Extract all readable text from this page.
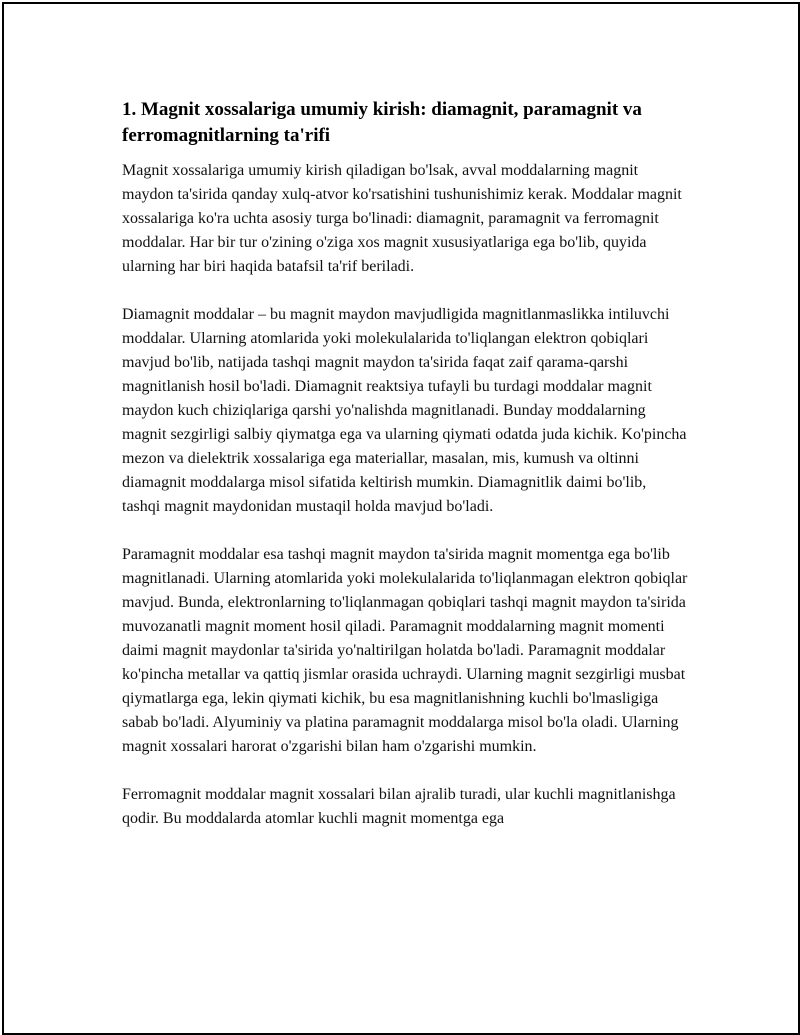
1. Magnit xossalariga umumiy kirish: diamagnit, paramagnit va ferromagnitlarning ta'rifi

Magnit xossalariga umumiy kirish qiladigan bo'lsak, avval moddalarning magnit maydon ta'sirida qanday xulq-atvor ko'rsatishini tushunishimiz kerak. Moddalar magnit xossalariga ko'ra uchta asosiy turga bo'linadi: diamagnit, paramagnit va ferromagnit moddalar. Har bir tur o'zining o'ziga xos magnit xususiyatlariga ega bo'lib, quyida ularning har biri haqida batafsil ta'rif beriladi.

Diamagnit moddalar – bu magnit maydon mavjudligida magnitlanmaslikka intiluvchi moddalar. Ularning atomlarida yoki molekulalarida to'liqlangan elektron qobiqlari mavjud bo'lib, natijada tashqi magnit maydon ta'sirida faqat zaif qarama-qarshi magnitlanish hosil bo'ladi. Diamagnit reaktsiya tufayli bu turdagi moddalar magnit maydon kuch chiziqlariga qarshi yo'nalishda magnitlanadi. Bunday moddalarning magnit sezgirligi salbiy qiymatga ega va ularning qiymati odatda juda kichik. Ko'pincha mezon va dielektrik xossalariga ega materiallar, masalan, mis, kumush va oltinni diamagnit moddalarga misol sifatida keltirish mumkin. Diamagnitlik daimi bo'lib, tashqi magnit maydonidan mustaqil holda mavjud bo'ladi.

Paramagnit moddalar esa tashqi magnit maydon ta'sirida magnit momentga ega bo'lib magnitlanadi. Ularning atomlarida yoki molekulalarida to'liqlanmagan elektron qobiqlar mavjud. Bunda, elektronlarning to'liqlanmagan qobiqlari tashqi magnit maydon ta'sirida muvozanatli magnit moment hosil qiladi. Paramagnit moddalarning magnit momenti daimi magnit maydonlar ta'sirida yo'naltirilgan holatda bo'ladi. Paramagnit moddalar ko'pincha metallar va qattiq jismlar orasida uchraydi. Ularning magnit sezgirligi musbat qiymatlarga ega, lekin qiymati kichik, bu esa magnitlanishning kuchli bo'lmasligiga sabab bo'ladi. Alyuminiy va platina paramagnit moddalarga misol bo'la oladi. Ularning magnit xossalari harorat o'zgarishi bilan ham o'zgarishi mumkin.

Ferromagnit moddalar magnit xossalari bilan ajralib turadi, ular kuchli magnitlanishga qodir. Bu moddalarda atomlar kuchli magnit momentga ega
